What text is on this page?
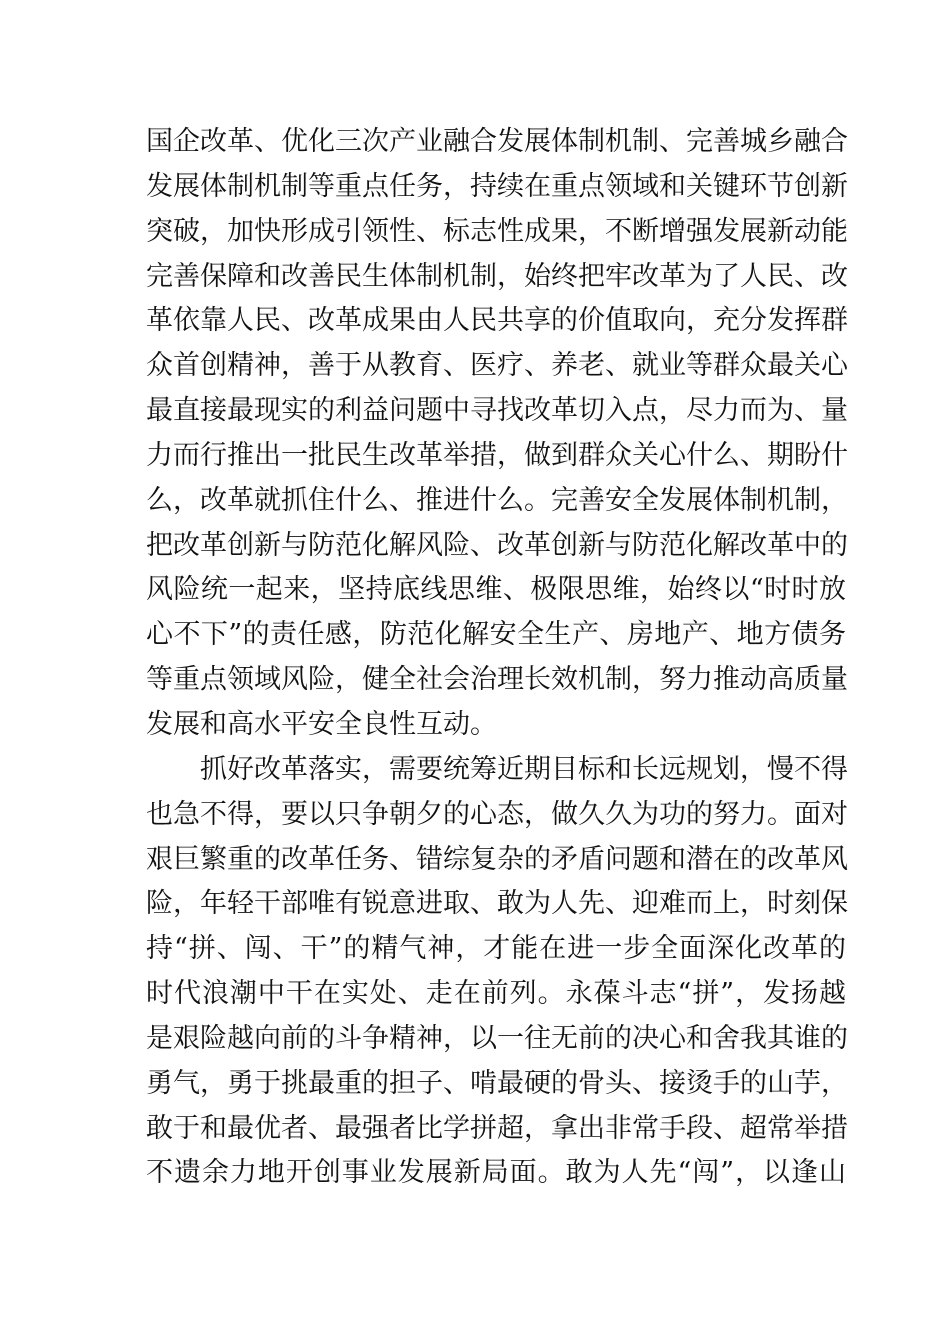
国企改革、优化三次产业融合发展体制机制、完善城乡融合
发展体制机制等重点任务，持续在重点领域和关键环节创新
突破，加快形成引领性、标志性成果，不断增强发展新动能
完善保障和改善民生体制机制，始终把牢改革为了人民、改
革依靠人民、改革成果由人民共享的价值取向，充分发挥群
众首创精神，善于从教育、医疗、养老、就业等群众最关心
最直接最现实的利益问题中寻找改革切入点，尽力而为、量
力而行推出一批民生改革举措，做到群众关心什么、期盼什
么，改革就抓住什么、推进什么。完善安全发展体制机制，
把改革创新与防范化解风险、改革创新与防范化解改革中的
风险统一起来，坚持底线思维、极限思维，始终以“时时放
心不下”的责任感，防范化解安全生产、房地产、地方债务
等重点领域风险，健全社会治理长效机制，努力推动高质量
发展和高水平安全良性互动。

抓好改革落实，需要统筹近期目标和长远规划，慢不得
也急不得，要以只争朝夕的心态，做久久为功的努力。面对
艰巨繁重的改革任务、错综复杂的矛盾问题和潜在的改革风
险，年轻干部唯有锐意进取、敢为人先、迎难而上，时刻保
持“拼、闯、干”的精气神，才能在进一步全面深化改革的
时代浪潮中干在实处、走在前列。永葆斗志“拼”，发扬越
是艰险越向前的斗争精神，以一往无前的决心和舍我其谁的
勇气，勇于挑最重的担子、啃最硬的骨头、接烫手的山芋，
敢于和最优者、最强者比学拼超，拿出非常手段、超常举措
不遗余力地开创事业发展新局面。敢为人先“闯”，以逢山
